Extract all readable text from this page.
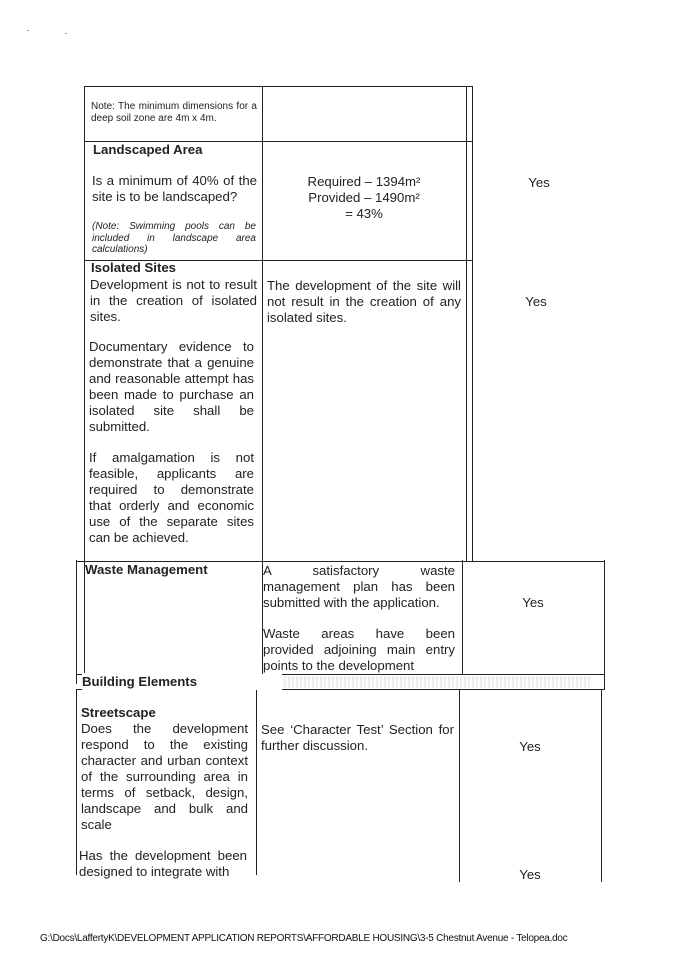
Note: The minimum dimensions for a deep soil zone are 4m x 4m.
Landscaped Area
Is a minimum of 40% of the site is to be landscaped?
(Note: Swimming pools can be included in landscape area calculations)
Required – 1394m²
Provided – 1490m²
= 43%
Yes
Isolated Sites
Development is not to result in the creation of isolated sites.
Documentary evidence to demonstrate that a genuine and reasonable attempt has been made to purchase an isolated site shall be submitted.
If amalgamation is not feasible, applicants are required to demonstrate that orderly and economic use of the separate sites can be achieved.
The development of the site will not result in the creation of any isolated sites.
Yes
Waste Management	A satisfactory waste management plan has been submitted with the application.
Waste areas have been provided adjoining main entry points to the development
Yes
Building Elements
Streetscape
Does the development respond to the existing character and urban context of the surrounding area in terms of setback, design, landscape and bulk and scale
Has the development been designed to integrate with
See ‘Character Test’ Section for further discussion.	Yes
Yes
G:\Docs\LaffertyK\DEVELOPMENT APPLICATION REPORTS\AFFORDABLE HOUSING\3-5 Chestnut Avenue - Telopea.doc
